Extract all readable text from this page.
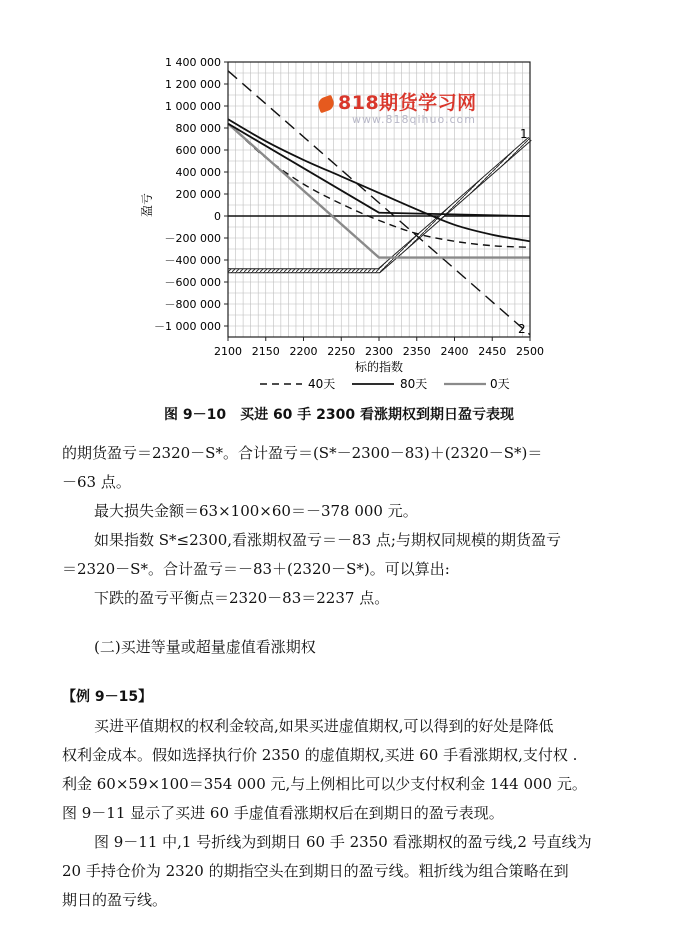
1 400 000
1 200 000
1 000 000
800 000
600 000
400 000
200 000
0
－200 000
－400 000
－600 000
－800 000
－1 000 000
2100 2150 2200 2250 2300 2350 2400 2450 2500
盈亏
标的指数
1
2
40天	80天	0天
818期货学习网
www.818qihuo.com
图 9－10　买进 60 手 2300 看涨期权到期日盈亏表现

的期货盈亏＝2320－S*。合计盈亏＝(S*－2300－83)＋(2320－S*)＝

－63 点。

最大损失金额＝63×100×60＝－378 000 元。

如果指数 S*≤2300,看涨期权盈亏＝－83 点;与期权同规模的期货盈亏

＝2320－S*。合计盈亏＝－83＋(2320－S*)。可以算出:

下跌的盈亏平衡点＝2320－83＝2237 点。

(二)买进等量或超量虚值看涨期权
【例 9－15】

买进平值期权的权利金较高,如果买进虚值期权,可以得到的好处是降低

权利金成本。假如选择执行价 2350 的虚值期权,买进 60 手看涨期权,支付权 .

利金 60×59×100＝354 000 元,与上例相比可以少支付权利金 144 000 元。

图 9－11 显示了买进 60 手虚值看涨期权后在到期日的盈亏表现。

图 9－11 中,1 号折线为到期日 60 手 2350 看涨期权的盈亏线,2 号直线为

20 手持仓价为 2320 的期指空头在到期日的盈亏线。粗折线为组合策略在到

期日的盈亏线。
